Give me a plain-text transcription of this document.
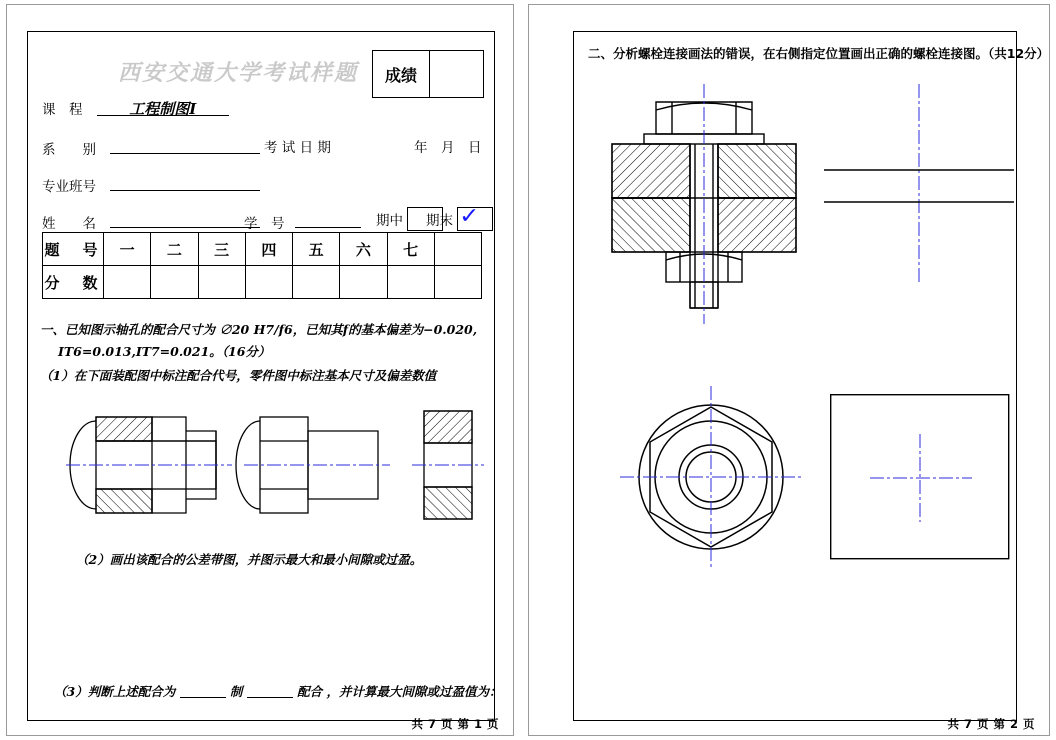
西安交通大学考试样题	成绩
课　程	工程制图Ⅰ
系　　别	考 试 日 期	年　月　日
专业班号
姓　　名	学　号	期中	期末 ✓
题　号	一	二	三	四	五	六	七	
分　数								
一、已知图示轴孔的配合尺寸为 ∅20 H7/f6，已知其f的基本偏差为−0.020,
IT6=0.013,IT7=0.021。（16分）
（1）在下面装配图中标注配合代号，零件图中标注基本尺寸及偏差数值
（2）画出该配合的公差带图，并图示最大和最小间隙或过盈。
（3）判断上述配合为	制	配合 ，并计算最大间隙或过盈值为：
共 7 页 第 1 页
二、分析螺栓连接画法的错误，在右侧指定位置画出正确的螺栓连接图。（共12分）
共 7 页 第 2 页
